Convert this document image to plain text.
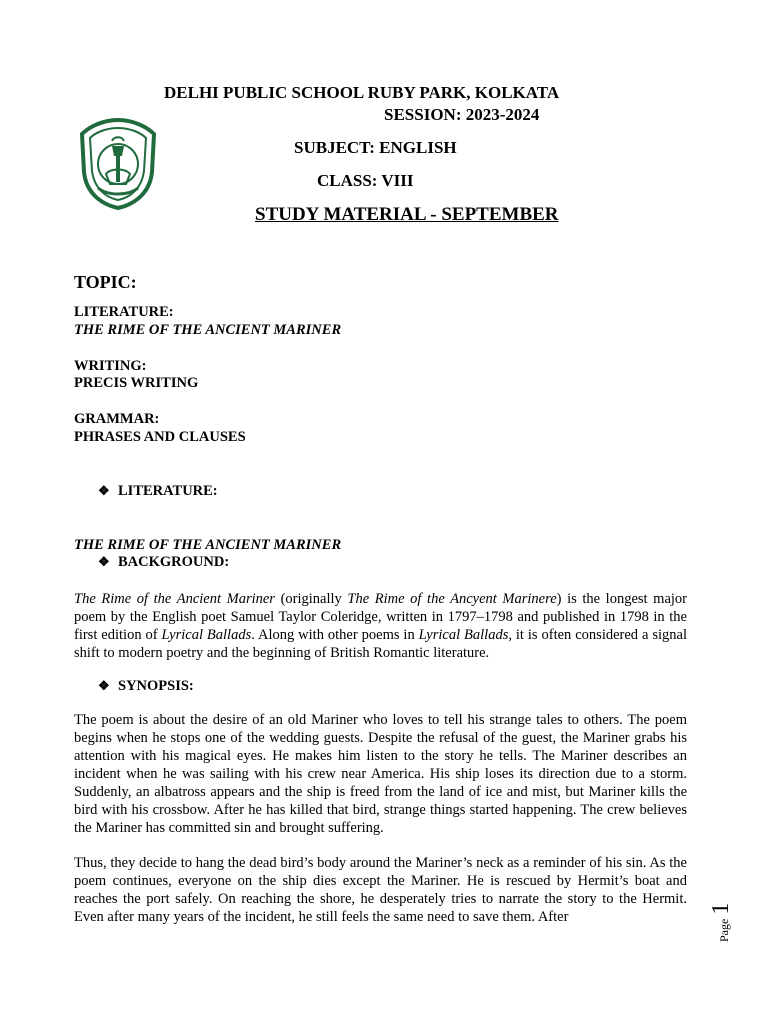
DELHI PUBLIC SCHOOL RUBY PARK, KOLKATA
SESSION: 2023-2024
SUBJECT: ENGLISH
CLASS: VIII
STUDY MATERIAL - SEPTEMBER
TOPIC:
LITERATURE:
THE RIME OF THE ANCIENT MARINER
WRITING:
PRECIS WRITING
GRAMMAR:
PHRASES AND CLAUSES
❖ LITERATURE:
THE RIME OF THE ANCIENT MARINER
❖ BACKGROUND:
The Rime of the Ancient Mariner (originally The Rime of the Ancyent Marinere) is the longest major poem by the English poet Samuel Taylor Coleridge, written in 1797–1798 and published in 1798 in the first edition of Lyrical Ballads. Along with other poems in Lyrical Ballads, it is often considered a signal shift to modern poetry and the beginning of British Romantic literature.
❖ SYNOPSIS:
The poem is about the desire of an old Mariner who loves to tell his strange tales to others. The poem begins when he stops one of the wedding guests. Despite the refusal of the guest, the Mariner grabs his attention with his magical eyes. He makes him listen to the story he tells. The Mariner describes an incident when he was sailing with his crew near America. His ship loses its direction due to a storm. Suddenly, an albatross appears and the ship is freed from the land of ice and mist, but Mariner kills the bird with his crossbow. After he has killed that bird, strange things started happening. The crew believes the Mariner has committed sin and brought suffering.
Thus, they decide to hang the dead bird’s body around the Mariner’s neck as a reminder of his sin. As the poem continues, everyone on the ship dies except the Mariner. He is rescued by Hermit’s boat and reaches the port safely. On reaching the shore, he desperately tries to narrate the story to the Hermit. Even after many years of the incident, he still feels the same need to save them. After
Page 1
